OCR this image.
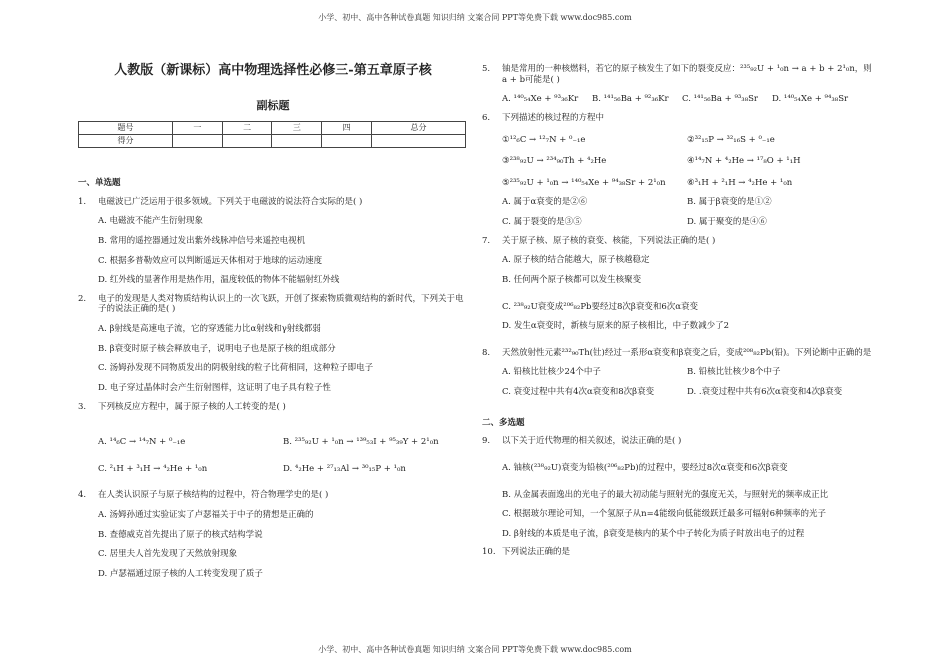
小学、初中、高中各种试卷真题 知识归纳 文案合同 PPT等免费下载 www.doc985.com
人教版（新课标）高中物理选择性必修三-第五章原子核
副标题
题号	一	二	三	四	总分
得分					
一、单选题
1.	电磁波已广泛运用于很多领域。下列关于电磁波的说法符合实际的是( )
A. 电磁波不能产生衍射现象
B. 常用的遥控器通过发出紫外线脉冲信号来遥控电视机
C. 根据多普勒效应可以判断遥远天体相对于地球的运动速度
D. 红外线的显著作用是热作用，温度较低的物体不能辐射红外线
2.	电子的发现是人类对物质结构认识上的一次飞跃，开创了探索物质微观结构的新时代，下列关于电子的说法正确的是( )
A. β射线是高速电子流，它的穿透能力比α射线和γ射线都弱
B. β衰变时原子核会释放电子，说明电子也是原子核的组成部分
C. 汤姆孙发现不同物质发出的阴极射线的粒子比荷相同，这种粒子即电子
D. 电子穿过晶体时会产生衍射图样，这证明了电子具有粒子性
3.	下列核反应方程中，属于原子核的人工转变的是( )
A. ¹⁴₆C → ¹⁴₇N + ⁰₋₁e	B. ²³⁵₉₂U + ¹₀n → ¹³⁹₅₃I + ⁹⁵₃₉Y + 2¹₀n
C. ²₁H + ³₁H → ⁴₂He + ¹₀n	D. ⁴₂He + ²⁷₁₃Al → ³⁰₁₅P + ¹₀n
4.	在人类认识原子与原子核结构的过程中，符合物理学史的是( )
A. 汤姆孙通过实验证实了卢瑟福关于中子的猜想是正确的
B. 查德威克首先提出了原子的核式结构学说
C. 居里夫人首先发现了天然放射现象
D. 卢瑟福通过原子核的人工转变发现了质子
5.	铀是常用的一种核燃料，若它的原子核发生了如下的裂变反应：²³⁵₉₂U + ¹₀n → a + b + 2¹₀n，则a + b可能是( )
A. ¹⁴⁰₅₄Xe + ⁹³₃₆Kr	B. ¹⁴¹₅₆Ba + ⁹²₃₆Kr	C. ¹⁴¹₅₆Ba + ⁹³₃₈Sr	D. ¹⁴⁰₅₄Xe + ⁹⁴₃₈Sr
6.	下列描述的核过程的方程中
①¹²₆C → ¹²₇N + ⁰₋₁e	②³²₁₅P → ³²₁₆S + ⁰₋₁e
③²³⁸₉₂U → ²³⁴₉₀Th + ⁴₂He	④¹⁴₇N + ⁴₂He → ¹⁷₈O + ¹₁H
⑤²³⁵₉₂U + ¹₀n → ¹⁴⁰₅₄Xe + ⁹⁴₃₈Sr + 2¹₀n	⑥³₁H + ²₁H → ⁴₂He + ¹₀n
A. 属于α衰变的是②⑥	B. 属于β衰变的是①②
C. 属于裂变的是③⑤	D. 属于聚变的是④⑥
7.	关于原子核、原子核的衰变、核能，下列说法正确的是( )
A. 原子核的结合能越大，原子核越稳定
B. 任何两个原子核都可以发生核聚变
C. ²³⁸₉₂U衰变成²⁰⁶₈₂Pb要经过8次β衰变和6次α衰变
D. 发生α衰变时，新核与原来的原子核相比，中子数减少了2
8.	天然放射性元素²³²₉₀Th(钍)经过一系形α衰变和β衰变之后，变成²⁰⁸₈₂Pb(铅)。下列论断中正确的是
A. 铅核比钍核少24个中子	B. 铅核比钍核少8个中子
C. 衰变过程中共有4次α衰变和8次β衰变	D. .衰变过程中共有6次α衰变和4次β衰变
二、多选题
9.	以下关于近代物理的相关叙述，说法正确的是( )
A. 铀核(²³⁸₉₂U)衰变为铅核(²⁰⁶₈₂Pb)的过程中，要经过8次α衰变和6次β衰变
B. 从金属表面逸出的光电子的最大初动能与照射光的强度无关，与照射光的频率成正比
C. 根据玻尔理论可知，一个氢原子从n=4能级向低能级跃迁最多可辐射6种频率的光子
D. β射线的本质是电子流，β衰变是核内的某个中子转化为质子时放出电子的过程
10. 下列说法正确的是
小学、初中、高中各种试卷真题 知识归纳 文案合同 PPT等免费下载 www.doc985.com
